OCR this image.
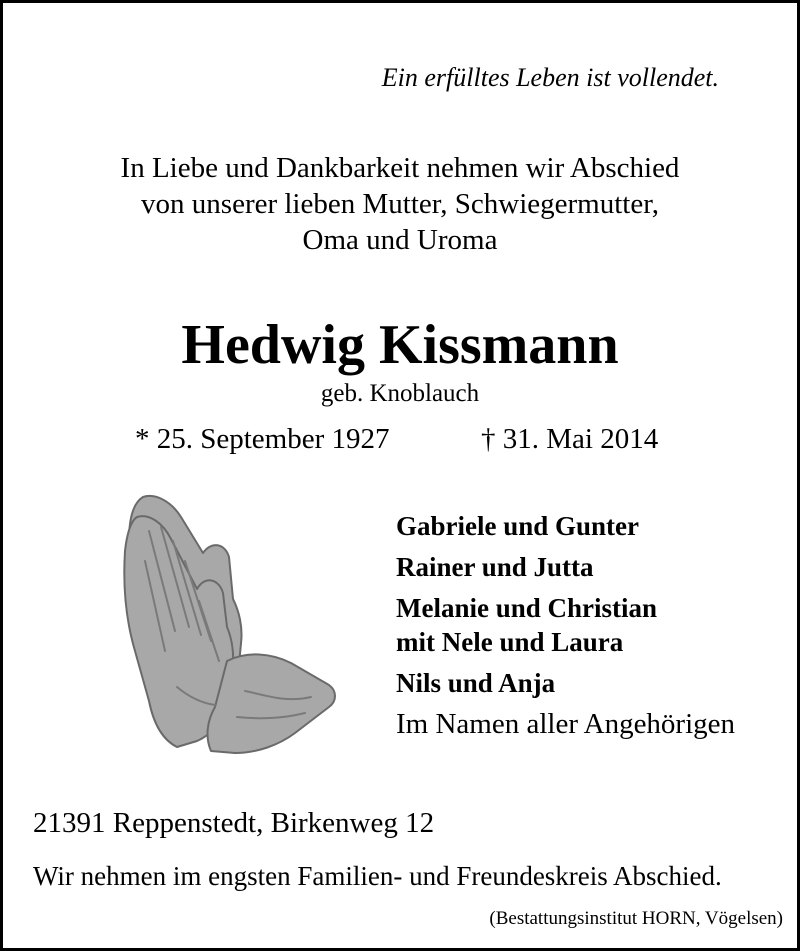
Ein erfülltes Leben ist vollendet.
In Liebe und Dankbarkeit nehmen wir Abschied
von unserer lieben Mutter, Schwiegermutter,
Oma und Uroma
Hedwig Kissmann
geb. Knoblauch
* 25. September 1927	† 31. Mai 2014
Gabriele und Gunter
Rainer und Jutta
Melanie und Christian
mit Nele und Laura
Nils und Anja
Im Namen aller Angehörigen
21391 Reppenstedt, Birkenweg 12
Wir nehmen im engsten Familien- und Freundeskreis Abschied.
(Bestattungsinstitut HORN, Vögelsen)
